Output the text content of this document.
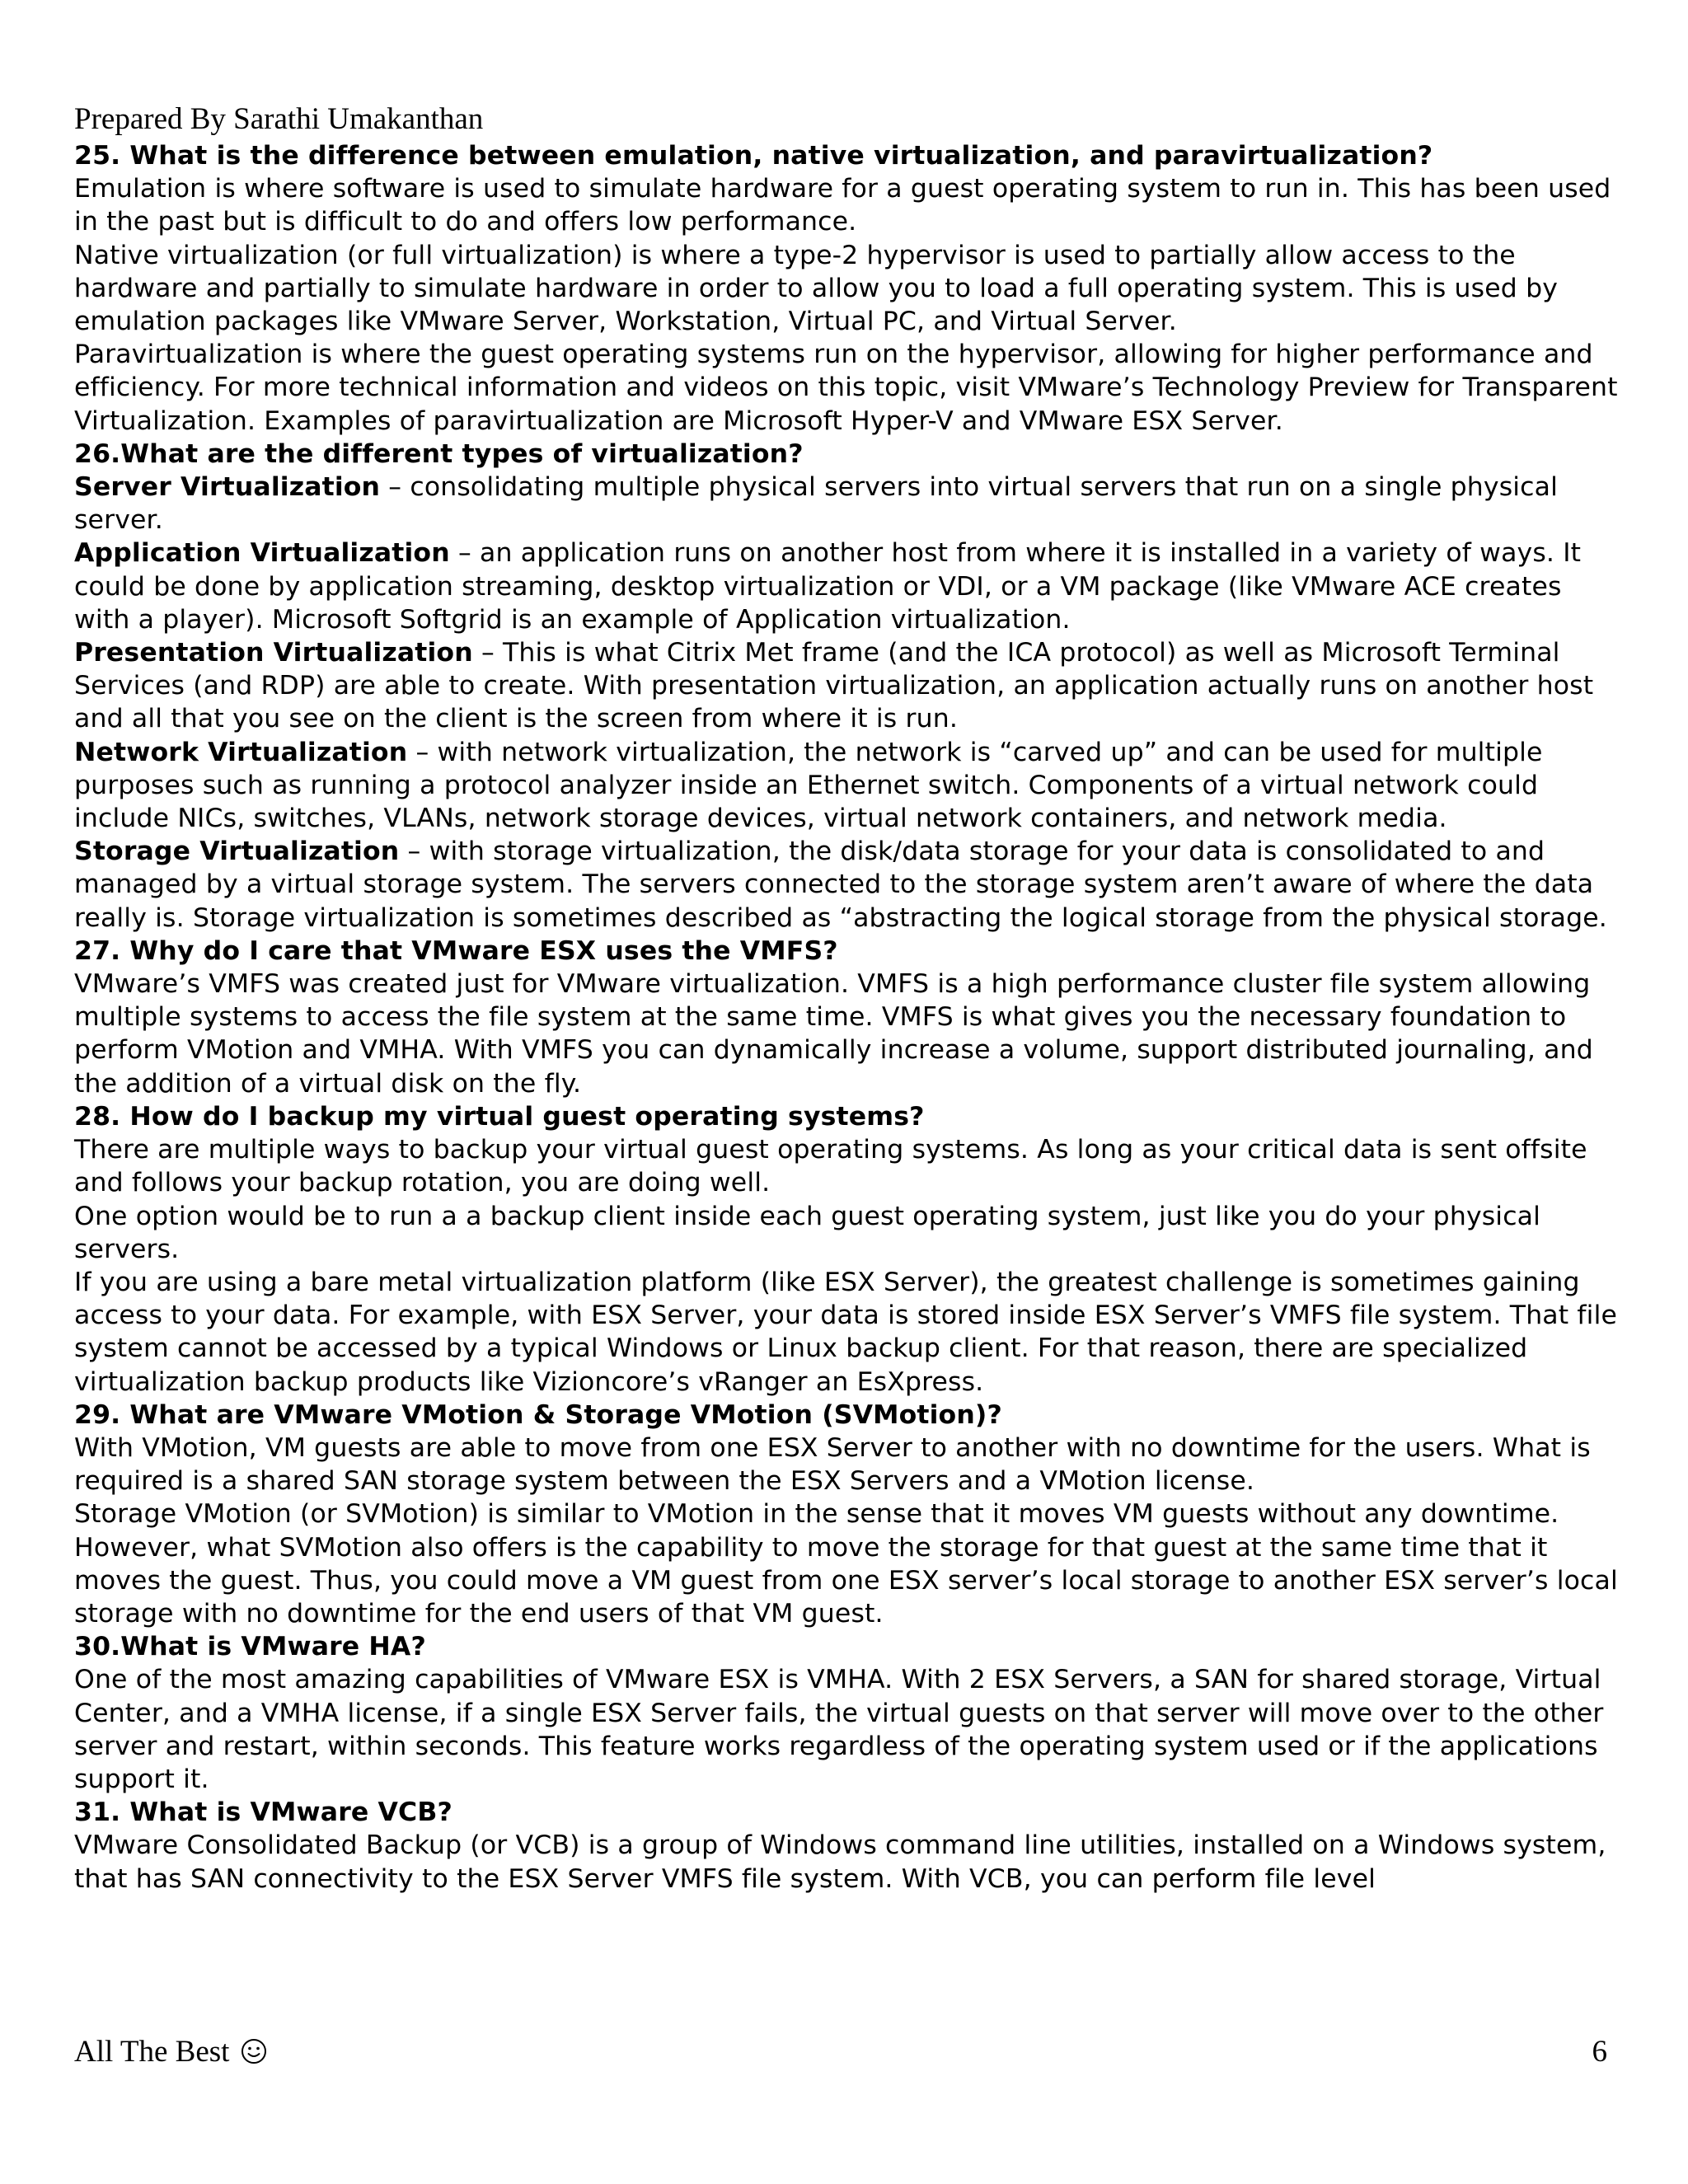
Prepared By Sarathi Umakanthan

25. What is the difference between emulation, native virtualization, and paravirtualization?

Emulation is where software is used to simulate hardware for a guest operating system to run in. This has been used in the past but is difficult to do and offers low performance.

Native virtualization (or full virtualization) is where a type-2 hypervisor is used to partially allow access to the hardware and partially to simulate hardware in order to allow you to load a full operating system. This is used by emulation packages like VMware Server, Workstation, Virtual PC, and Virtual Server.

Paravirtualization is where the guest operating systems run on the hypervisor, allowing for higher performance and efficiency. For more technical information and videos on this topic, visit VMware’s Technology Preview for Transparent Virtualization. Examples of paravirtualization are Microsoft Hyper-V and VMware ESX Server.

26.What are the different types of virtualization?

Server Virtualization – consolidating multiple physical servers into virtual servers that run on a single physical server.

Application Virtualization – an application runs on another host from where it is installed in a variety of ways. It could be done by application streaming, desktop virtualization or VDI, or a VM package (like VMware ACE creates with a player). Microsoft Softgrid is an example of Application virtualization.

Presentation Virtualization – This is what Citrix Met frame (and the ICA protocol) as well as Microsoft Terminal Services (and RDP) are able to create. With presentation virtualization, an application actually runs on another host and all that you see on the client is the screen from where it is run.

Network Virtualization – with network virtualization, the network is “carved up” and can be used for multiple purposes such as running a protocol analyzer inside an Ethernet switch. Components of a virtual network could include NICs, switches, VLANs, network storage devices, virtual network containers, and network media.

Storage Virtualization – with storage virtualization, the disk/data storage for your data is consolidated to and managed by a virtual storage system. The servers connected to the storage system aren’t aware of where the data really is. Storage virtualization is sometimes described as “abstracting the logical storage from the physical storage.

27. Why do I care that VMware ESX uses the VMFS?

VMware’s VMFS was created just for VMware virtualization. VMFS is a high performance cluster file system allowing multiple systems to access the file system at the same time. VMFS is what gives you the necessary foundation to perform VMotion and VMHA. With VMFS you can dynamically increase a volume, support distributed journaling, and the addition of a virtual disk on the fly.

28. How do I backup my virtual guest operating systems?

There are multiple ways to backup your virtual guest operating systems. As long as your critical data is sent offsite and follows your backup rotation, you are doing well.

One option would be to run a a backup client inside each guest operating system, just like you do your physical servers.

If you are using a bare metal virtualization platform (like ESX Server), the greatest challenge is sometimes gaining access to your data. For example, with ESX Server, your data is stored inside ESX Server’s VMFS file system. That file system cannot be accessed by a typical Windows or Linux backup client. For that reason, there are specialized virtualization backup products like Vizioncore’s vRanger an EsXpress.

29. What are VMware VMotion & Storage VMotion (SVMotion)?

With VMotion, VM guests are able to move from one ESX Server to another with no downtime for the users. What is required is a shared SAN storage system between the ESX Servers and a VMotion license.

Storage VMotion (or SVMotion) is similar to VMotion in the sense that it moves VM guests without any downtime. However, what SVMotion also offers is the capability to move the storage for that guest at the same time that it moves the guest. Thus, you could move a VM guest from one ESX server’s local storage to another ESX server’s local storage with no downtime for the end users of that VM guest.

30.What is VMware HA?

One of the most amazing capabilities of VMware ESX is VMHA. With 2 ESX Servers, a SAN for shared storage, Virtual Center, and a VMHA license, if a single ESX Server fails, the virtual guests on that server will move over to the other server and restart, within seconds. This feature works regardless of the operating system used or if the applications support it.

31. What is VMware VCB?

VMware Consolidated Backup (or VCB) is a group of Windows command line utilities, installed on a Windows system, that has SAN connectivity to the ESX Server VMFS file system. With VCB, you can perform file level

All The Best	6
